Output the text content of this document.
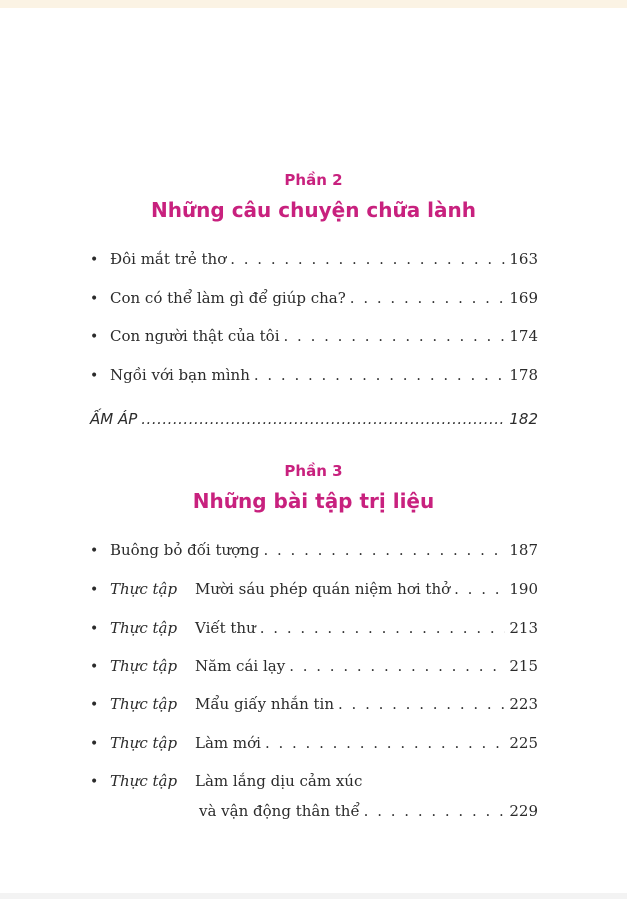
Phần 2
Những câu chuyện chữa lành
• Đôi mắt trẻ thơ . . .	163
• Con có thể làm gì để giúp cha? . . .	169
• Con người thật của tôi . . .	174
• Ngồi với bạn mình . . .	178
ẤM ÁP .....	182
Phần 3
Những bài tập trị liệu
• Buông bỏ đối tượng . . .	187
• Thực tập	Mười sáu phép quán niệm hơi thở . . .	190
• Thực tập	Viết thư . . .	213
• Thực tập	Năm cái lạy . . .	215
• Thực tập	Mẩu giấy nhắn tin . . .	223
• Thực tập	Làm mới . . .	225
• Thực tập	Làm lắng dịu cảm xúc
và vận động thân thể . . .	229
